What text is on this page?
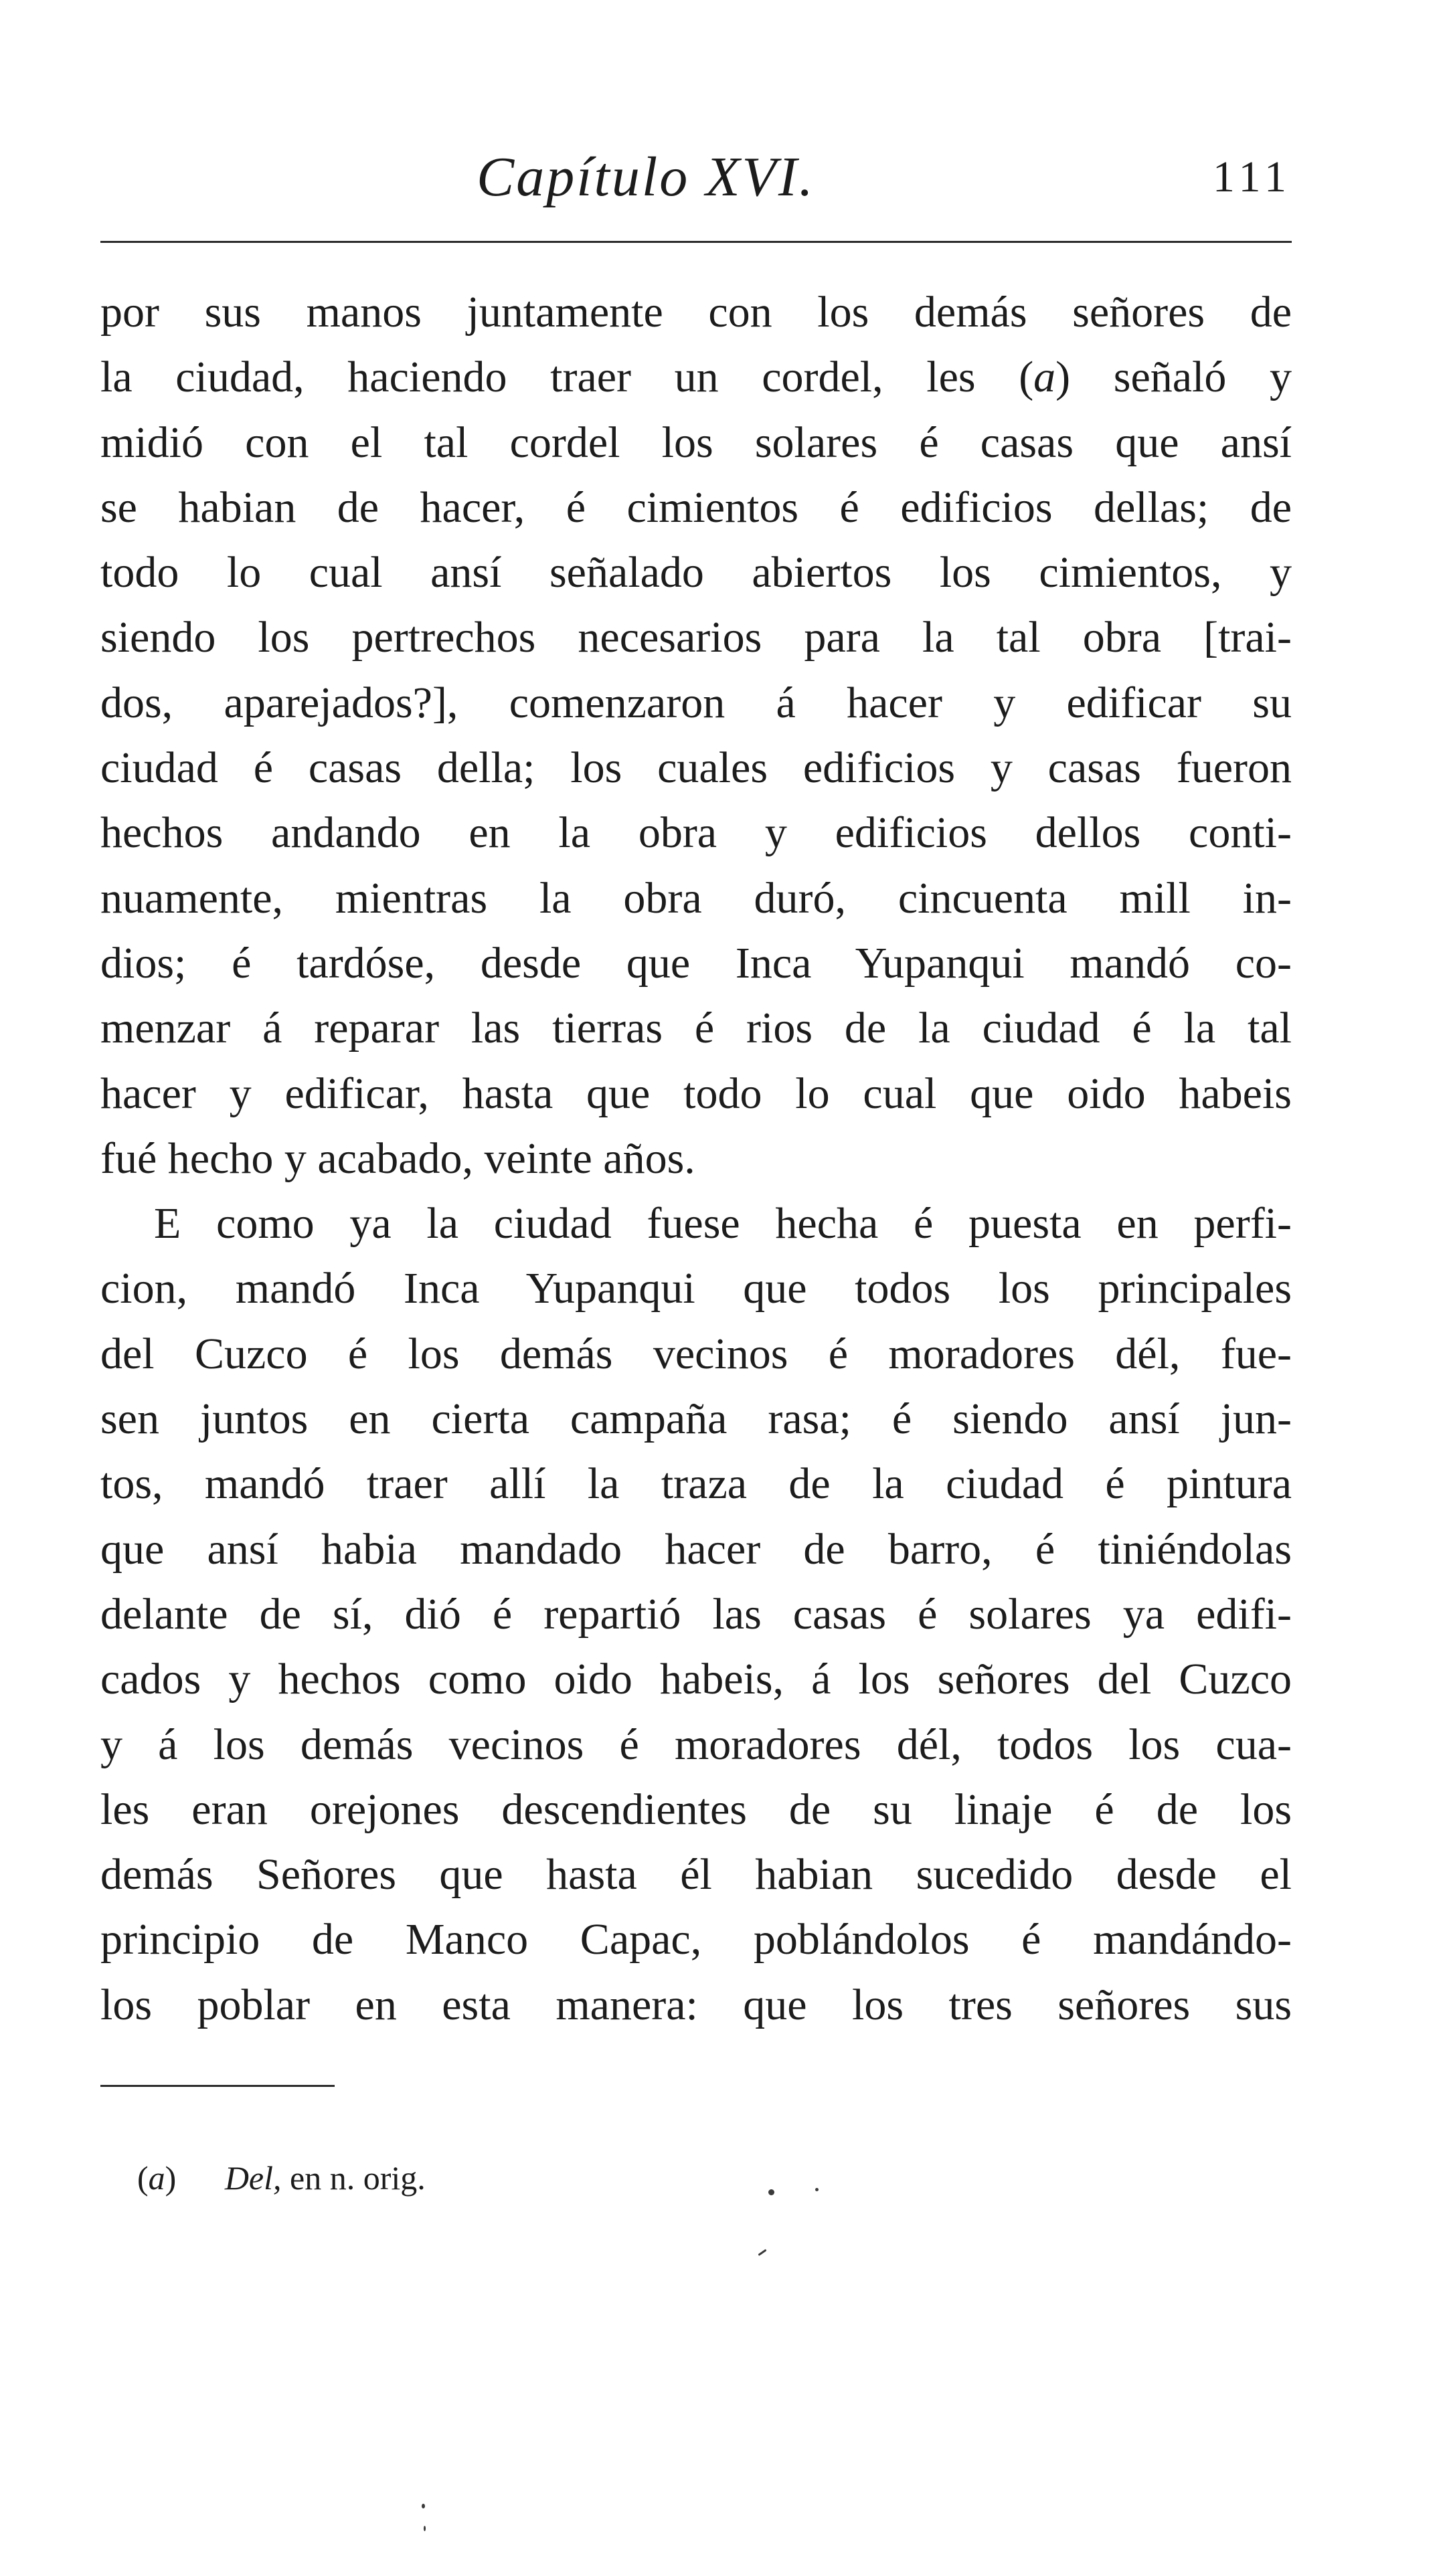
Capítulo XVI.	111
por sus manos juntamente con los demás señores de
la ciudad, haciendo traer un cordel, les (a) señaló y
midió con el tal cordel los solares é casas que ansí
se habian de hacer, é cimientos é edificios dellas; de
todo lo cual ansí señalado abiertos los cimientos, y
siendo los pertrechos necesarios para la tal obra [trai-
dos, aparejados?], comenzaron á hacer y edificar su
ciudad é casas della; los cuales edificios y casas fueron
hechos andando en la obra y edificios dellos conti-
nuamente, mientras la obra duró, cincuenta mill in-
dios; é tardóse, desde que Inca Yupanqui mandó co-
menzar á reparar las tierras é rios de la ciudad é la tal
hacer y edificar, hasta que todo lo cual que oido habeis
fué hecho y acabado, veinte años.
E como ya la ciudad fuese hecha é puesta en perfi-
cion, mandó Inca Yupanqui que todos los principales
del Cuzco é los demás vecinos é moradores dél, fue-
sen juntos en cierta campaña rasa; é siendo ansí jun-
tos, mandó traer allí la traza de la ciudad é pintura
que ansí habia mandado hacer de barro, é tiniéndolas
delante de sí, dió é repartió las casas é solares ya edifi-
cados y hechos como oido habeis, á los señores del Cuzco
y á los demás vecinos é moradores dél, todos los cua-
les eran orejones descendientes de su linaje é de los
demás Señores que hasta él habian sucedido desde el
principio de Manco Capac, poblándolos é mandándo-
los poblar en esta manera: que los tres señores sus
(a) Del, en n. orig.
